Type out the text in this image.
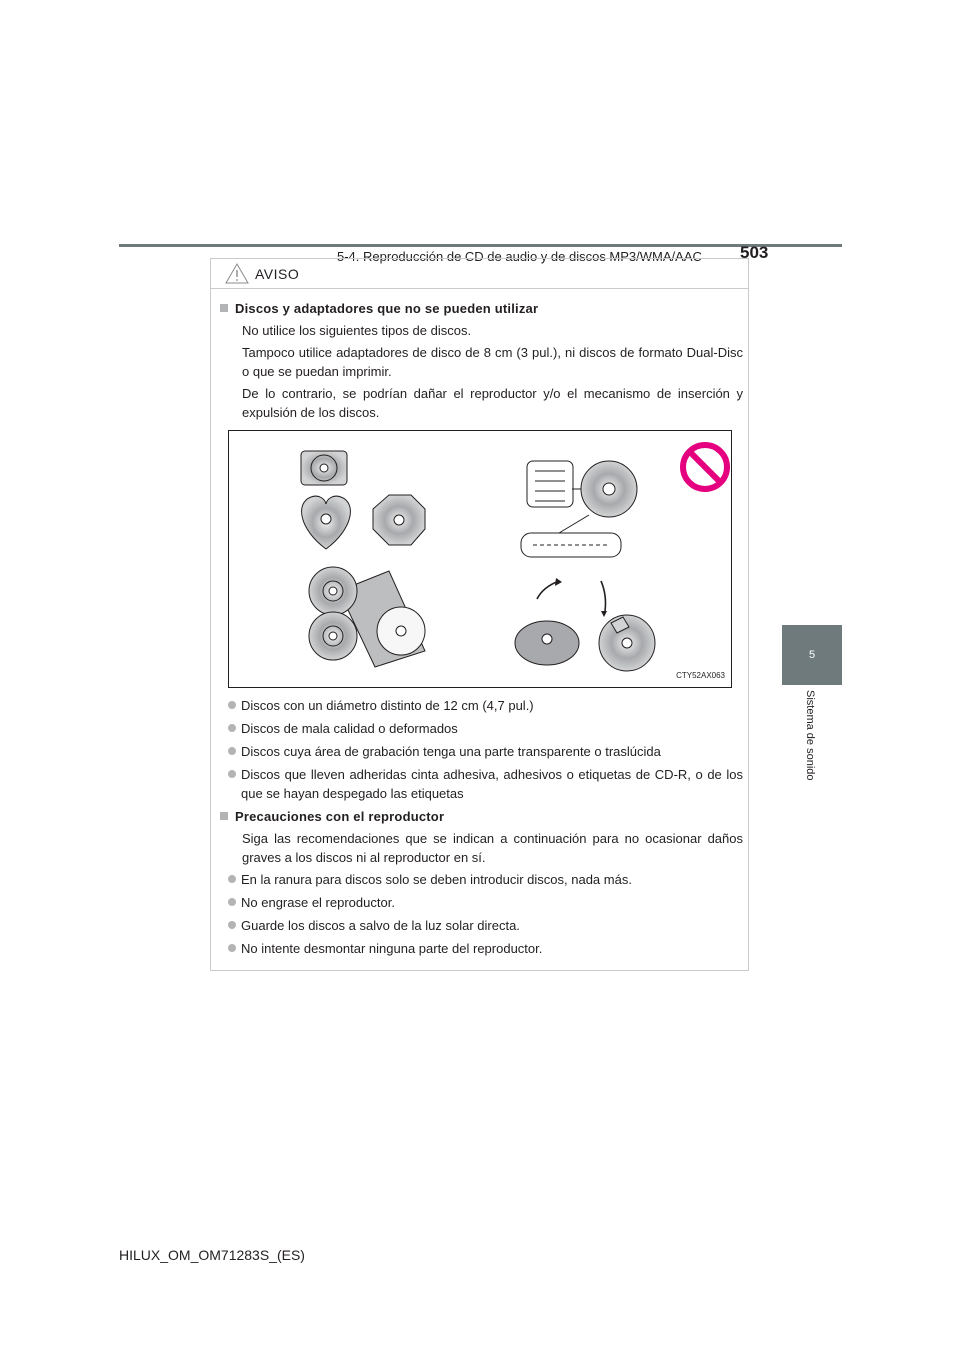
5-4. Reproducción de CD de audio y de discos MP3/WMA/AAC	503
5
Sistema de sonido
AVISO
Discos y adaptadores que no se pueden utilizar

No utilice los siguientes tipos de discos.

Tampoco utilice adaptadores de disco de 8 cm (3 pul.), ni discos de formato Dual-Disc o que se puedan imprimir.

De lo contrario, se podrían dañar el reproductor y/o el mecanismo de inserción y expulsión de los discos.

CTY52AX063
Discos con un diámetro distinto de 12 cm (4,7 pul.)
Discos de mala calidad o deformados
Discos cuya área de grabación tenga una parte transparente o traslúcida
Discos que lleven adheridas cinta adhesiva, adhesivos o etiquetas de CD-R, o de los que se hayan despegado las etiquetas
Precauciones con el reproductor

Siga las recomendaciones que se indican a continuación para no ocasionar daños graves a los discos ni al reproductor en sí.

En la ranura para discos solo se deben introducir discos, nada más.
No engrase el reproductor.
Guarde los discos a salvo de la luz solar directa.
No intente desmontar ninguna parte del reproductor.
HILUX_OM_OM71283S_(ES)
